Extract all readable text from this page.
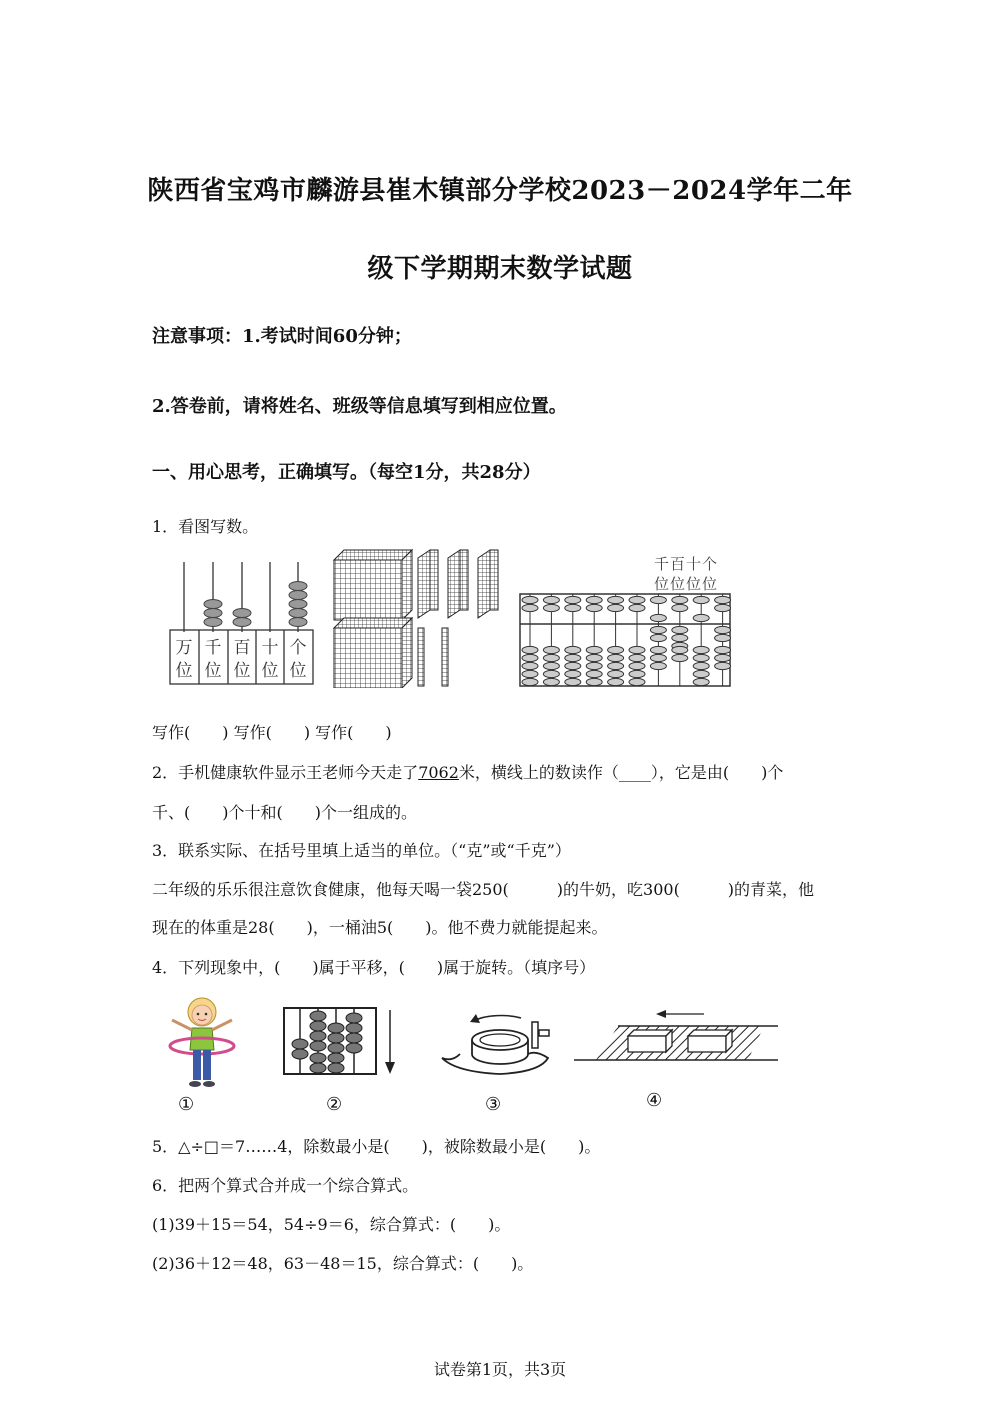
陕西省宝鸡市麟游县崔木镇部分学校2023－2024学年二年
级下学期期末数学试题
注意事项：1.考试时间60分钟；
2.答卷前，请将姓名、班级等信息填写到相应位置。
一、用心思考，正确填写。（每空1分，共28分）
1．看图写数。
万
位
千
位
百
位
十
位
个
位
千百十个
位位位位
写作(　　) 写作(　　) 写作(　　)
2．手机健康软件显示王老师今天走了7062米，横线上的数读作（____），它是由(　　)个
千、(　　)个十和(　　)个一组成的。
3．联系实际、在括号里填上适当的单位。（“克”或“千克”）
二年级的乐乐很注意饮食健康，他每天喝一袋250(　　　)的牛奶，吃300(　　　)的青菜，他
现在的体重是28(　　)，一桶油5(　　)。他不费力就能提起来。
4．下列现象中，(　　)属于平移，(　　)属于旋转。（填序号）
①	②	③	④
5．△÷□＝7……4，除数最小是(　　)，被除数最小是(　　)。
6．把两个算式合并成一个综合算式。
(1)39＋15＝54，54÷9＝6，综合算式：(　　)。
(2)36＋12＝48，63－48＝15，综合算式：(　　)。
试卷第1页，共3页
